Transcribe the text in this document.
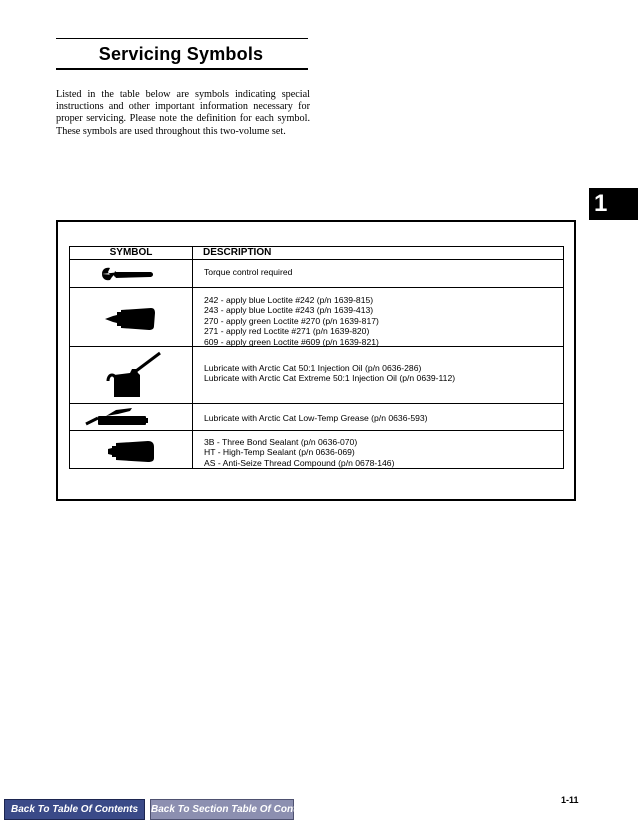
Servicing Symbols
Listed in the table below are symbols indicating special instructions and other important information necessary for proper servicing. Please note the definition for each symbol. These symbols are used throughout this two-volume set.
1
SYMBOL	DESCRIPTION
Torque control required
242 - apply blue Loctite #242 (p/n 1639-815)
243 - apply blue Loctite #243 (p/n 1639-413)
270 - apply green Loctite #270 (p/n 1639-817)
271 - apply red Loctite #271 (p/n 1639-820)
609 - apply green Loctite #609 (p/n 1639-821)
Lubricate with Arctic Cat 50:1 Injection Oil (p/n 0636-286)
Lubricate with Arctic Cat Extreme 50:1 Injection Oil (p/n 0639-112)
Lubricate with Arctic Cat Low-Temp Grease (p/n 0636-593)
3B - Three Bond Sealant (p/n 0636-070)
HT - High-Temp Sealant (p/n 0636-069)
AS - Anti-Seize Thread Compound (p/n 0678-146)
Back To Table Of Contents	Back To Section Table Of Contents
1-11
